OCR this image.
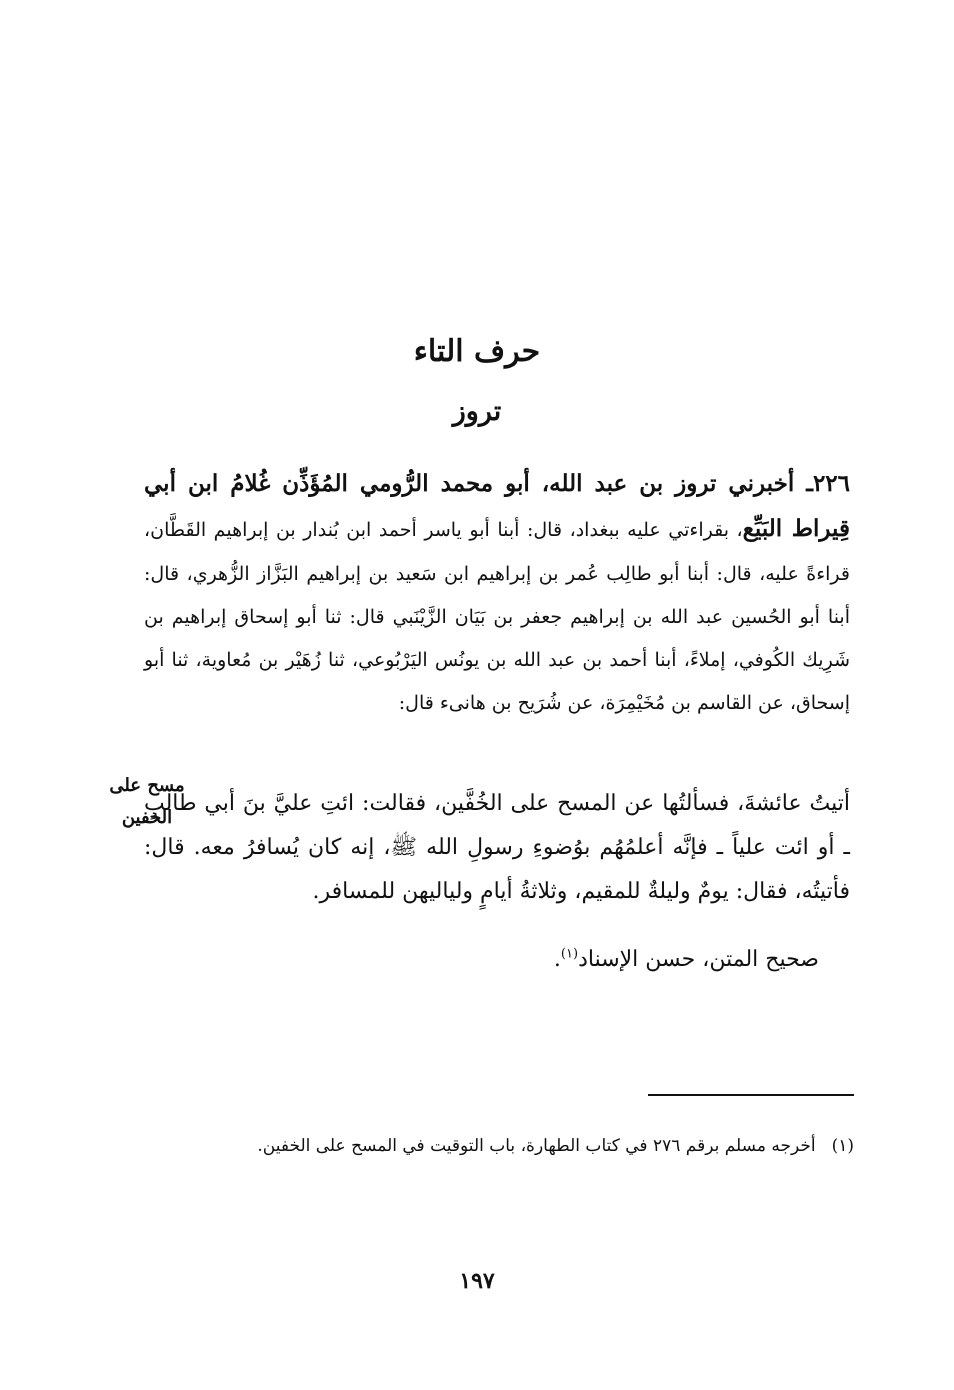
حرف التاء
تروز
٢٢٦ـ أخبرني تروز بن عبد الله، أبو محمد الرُّومي المُؤَذِّن غُلامُ ابن أبي قِيراط البَيِّع، بقراءتي عليه ببغداد، قال: أبنا أبو ياسر أحمد ابن بُندار بن إبراهيم القَطَّان، قراءةً عليه، قال: أبنا أبو طالِب عُمر بن إبراهيم ابن سَعيد بن إبراهيم البَزَّاز الزُّهري، قال: أبنا أبو الحُسين عبد الله بن إبراهيم جعفر بن بَيَان الزَّيْنَبي قال: ثنا أبو إسحاق إبراهيم بن شَرِيك الكُوفي، إملاءً، أبنا أحمد بن عبد الله بن يونُس اليَرْبُوعي، ثنا زُهَيْر بن مُعاوية، ثنا أبو إسحاق، عن القاسم بن مُخَيْمِرَة، عن شُرَيح بن هانىء قال:
أتيتُ عائشةَ، فسألتُها عن المسح على الخُفَّين، فقالت: ائتِ عليَّ بنَ أبي طالبٍ ـ أو ائت علياً ـ فإنَّه أعلمُهُم بوُضوءِ رسولِ الله ﷺ، إنه كان يُسافرُ معه. قال: فأتيتُه، فقال: يومٌ وليلةٌ للمقيم، وثلاثةُ أيامٍ ولياليهن للمسافر.

صحيح المتن، حسن الإسناد$^{(١)}$.

مسح على
الخفين
(١)أخرجه مسلم برقم ٢٧٦ في كتاب الطهارة، باب التوقيت في المسح على الخفين.
١٩٧
